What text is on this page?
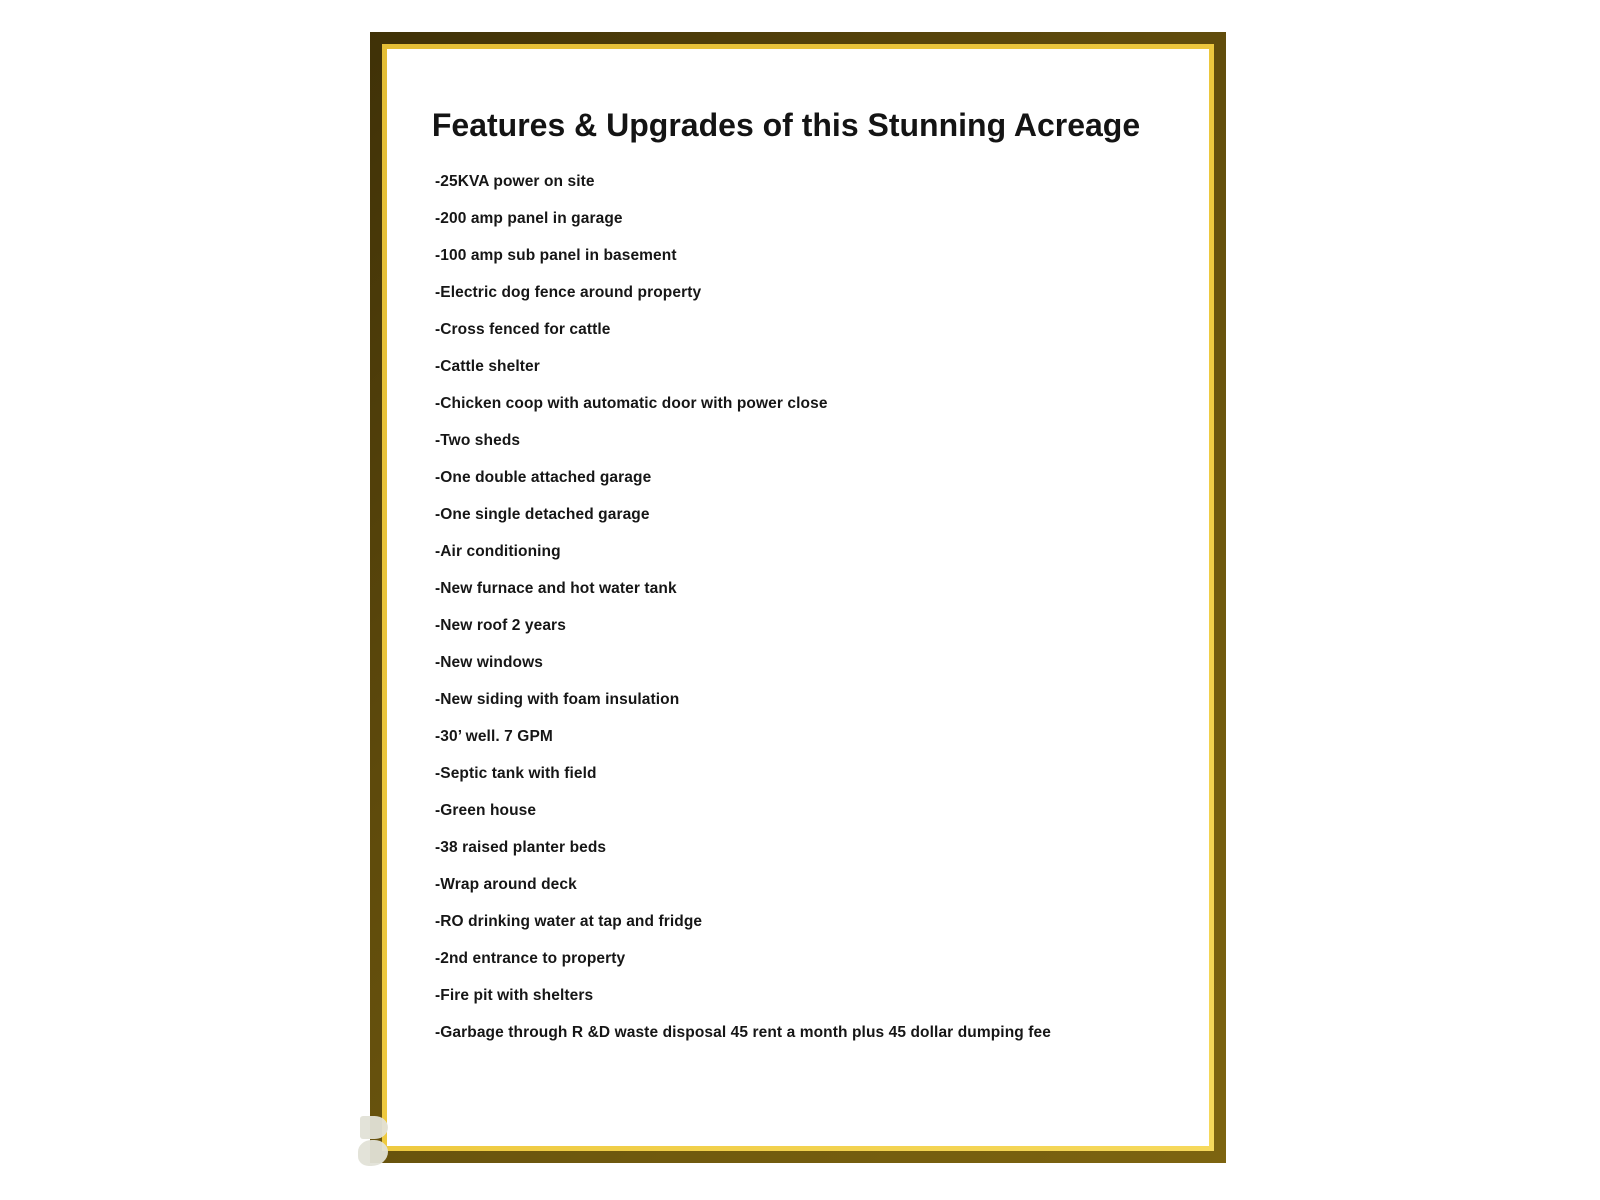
Features & Upgrades of this Stunning Acreage
-25KVA power on site
-200 amp panel in garage
-100 amp sub panel in basement
-Electric dog fence around property
-Cross fenced for cattle
-Cattle shelter
-Chicken coop with automatic door with power close
-Two sheds
-One double attached garage
-One single detached garage
-Air conditioning
-New furnace and hot water tank
-New roof 2 years
-New windows
-New siding with foam insulation
-30’ well. 7 GPM
-Septic tank with field
-Green house
-38 raised planter beds
-Wrap around deck
-RO drinking water at tap and fridge
-2nd entrance to property
-Fire pit with shelters
-Garbage through R &D waste disposal 45 rent a month plus 45 dollar dumping fee
